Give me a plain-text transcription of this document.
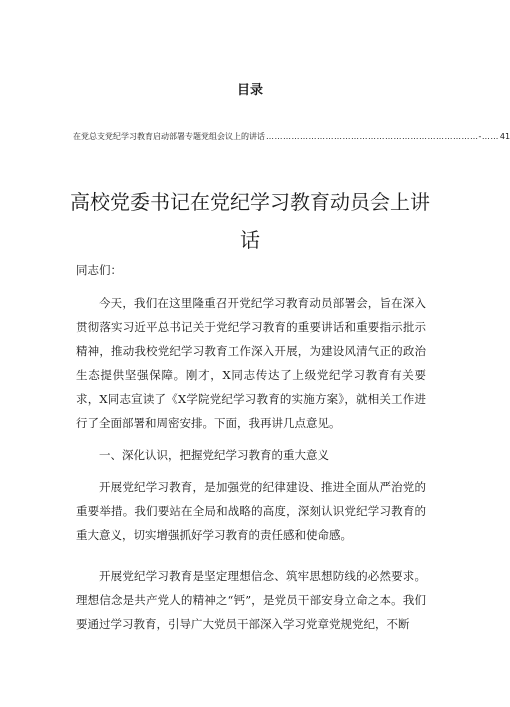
目录
在党总支党纪学习教育启动部署专题党组会议上的讲话 …………………………………………………………………-…… 41
高校党委书记在党纪学习教育动员会上讲话

同志们：

今天，我们在这里隆重召开党纪学习教育动员部署会，旨在深入贯彻落实习近平总书记关于党纪学习教育的重要讲话和重要指示批示精神，推动我校党纪学习教育工作深入开展，为建设风清气正的政治生态提供坚强保障。刚才，X同志传达了上级党纪学习教育有关要求，X同志宣读了《X学院党纪学习教育的实施方案》，就相关工作进行了全面部署和周密安排。下面，我再讲几点意见。

一、深化认识，把握党纪学习教育的重大意义

开展党纪学习教育，是加强党的纪律建设、推进全面从严治党的重要举措。我们要站在全局和战略的高度，深刻认识党纪学习教育的重大意义，切实增强抓好学习教育的责任感和使命感。

开展党纪学习教育是坚定理想信念、筑牢思想防线的必然要求。理想信念是共产党人的精神之“钙”，是党员干部安身立命之本。我们要通过学习教育，引导广大党员干部深入学习党章党规党纪，不断
